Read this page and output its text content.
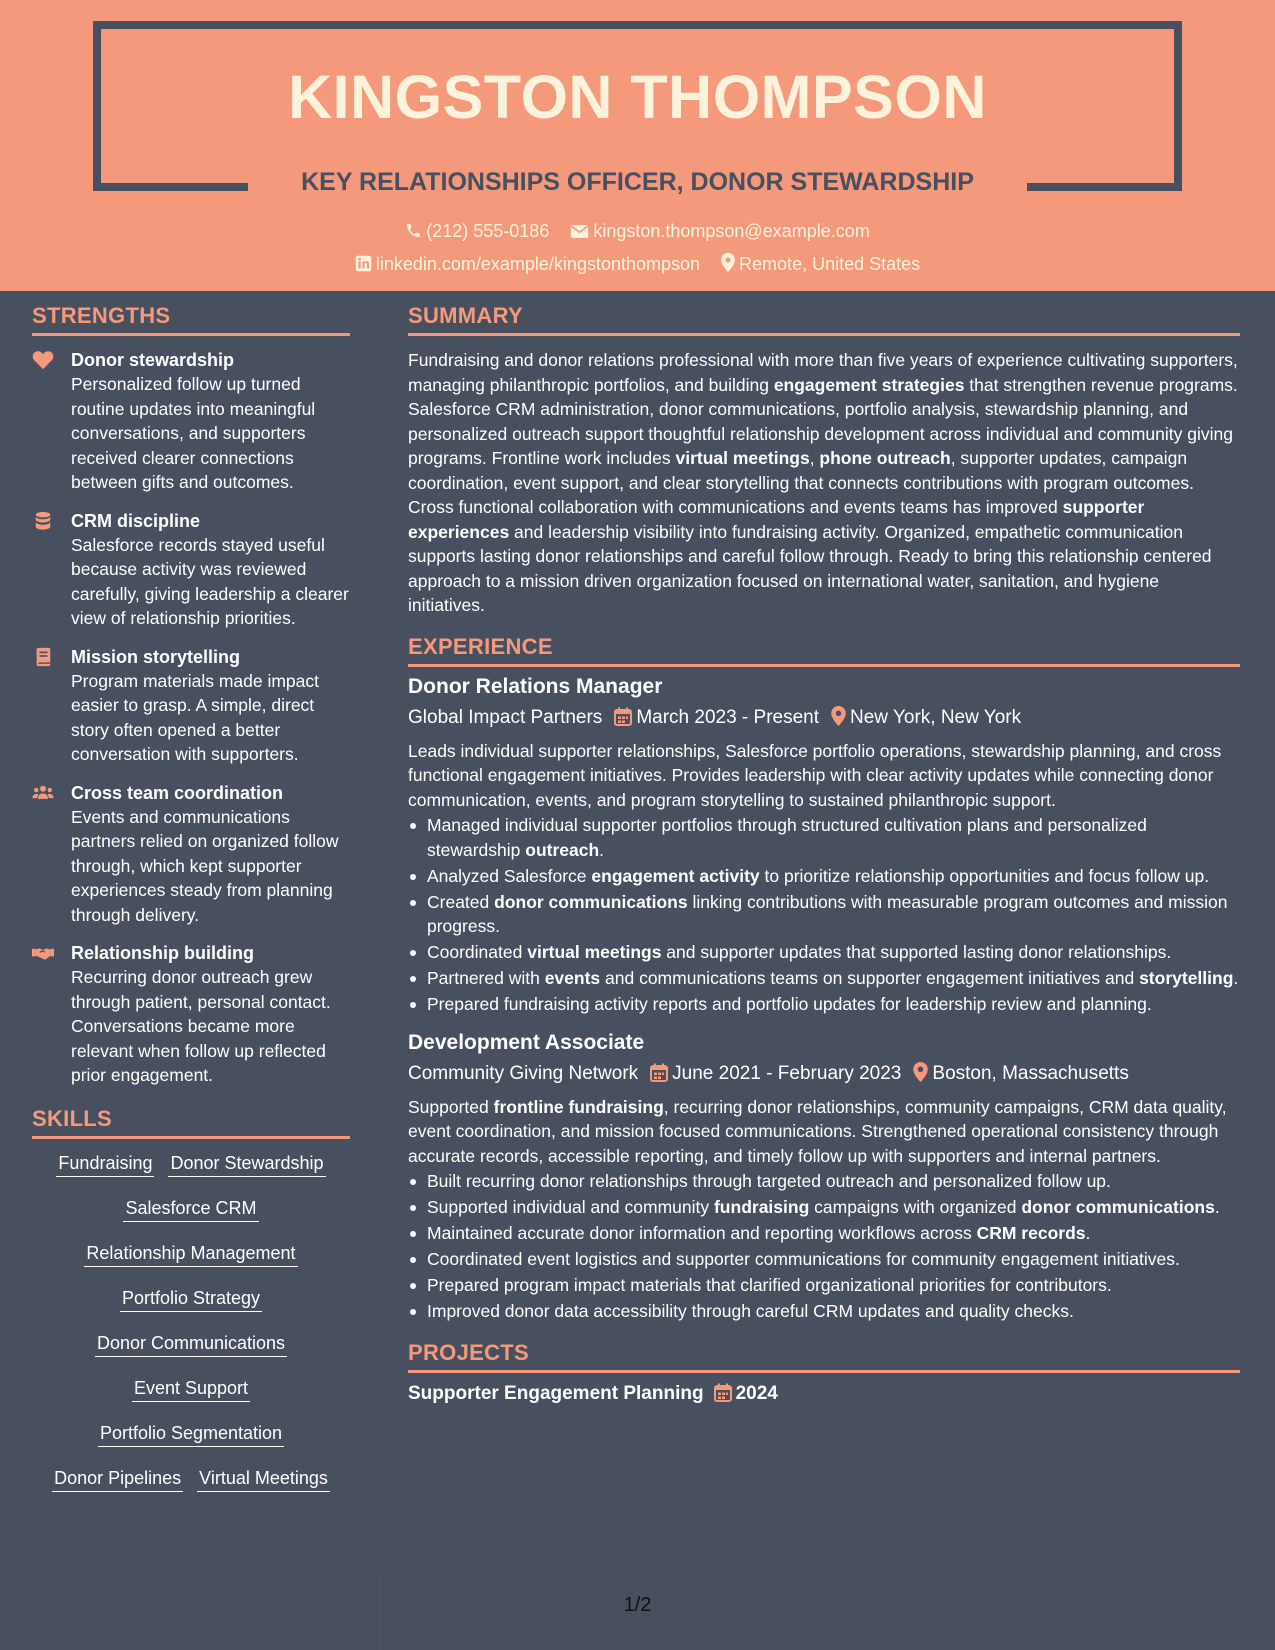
KINGSTON THOMPSON
KEY RELATIONSHIPS OFFICER, DONOR STEWARDSHIP
(212) 555-0186 kingston.thompson@example.com
linkedin.com/example/kingstonthompson Remote, United States
STRENGTHS
Donor stewardship
Personalized follow up turned routine updates into meaningful conversations, and supporters received clearer connections between gifts and outcomes.
CRM discipline
Salesforce records stayed useful because activity was reviewed carefully, giving leadership a clearer view of relationship priorities.
Mission storytelling
Program materials made impact easier to grasp. A simple, direct story often opened a better conversation with supporters.
Cross team coordination
Events and communications partners relied on organized follow through, which kept supporter experiences steady from planning through delivery.
Relationship building
Recurring donor outreach grew through patient, personal contact. Conversations became more relevant when follow up reflected prior engagement.
SKILLS
Fundraising Donor Stewardship
Salesforce CRM
Relationship Management
Portfolio Strategy
Donor Communications
Event Support
Portfolio Segmentation
Donor Pipelines Virtual Meetings
SUMMARY

Fundraising and donor relations professional with more than five years of experience cultivating supporters, managing philanthropic portfolios, and building engagement strategies that strengthen revenue programs. Salesforce CRM administration, donor communications, portfolio analysis, stewardship planning, and personalized outreach support thoughtful relationship development across individual and community giving programs. Frontline work includes virtual meetings, phone outreach, supporter updates, campaign coordination, event support, and clear storytelling that connects contributions with program outcomes. Cross functional collaboration with communications and events teams has improved supporter experiences and leadership visibility into fundraising activity. Organized, empathetic communication supports lasting donor relationships and careful follow through. Ready to bring this relationship centered approach to a mission driven organization focused on international water, sanitation, and hygiene initiatives.

EXPERIENCE
Donor Relations Manager
Global Impact Partners March 2023 - Present New York, New York

Leads individual supporter relationships, Salesforce portfolio operations, stewardship planning, and cross functional engagement initiatives. Provides leadership with clear activity updates while connecting donor communication, events, and program storytelling to sustained philanthropic support.

Managed individual supporter portfolios through structured cultivation plans and personalized stewardship outreach.
Analyzed Salesforce engagement activity to prioritize relationship opportunities and focus follow up.
Created donor communications linking contributions with measurable program outcomes and mission progress.
Coordinated virtual meetings and supporter updates that supported lasting donor relationships.
Partnered with events and communications teams on supporter engagement initiatives and storytelling.
Prepared fundraising activity reports and portfolio updates for leadership review and planning.
Development Associate
Community Giving Network June 2021 - February 2023 Boston, Massachusetts

Supported frontline fundraising, recurring donor relationships, community campaigns, CRM data quality, event coordination, and mission focused communications. Strengthened operational consistency through accurate records, accessible reporting, and timely follow up with supporters and internal partners.

Built recurring donor relationships through targeted outreach and personalized follow up.
Supported individual and community fundraising campaigns with organized donor communications.
Maintained accurate donor information and reporting workflows across CRM records.
Coordinated event logistics and supporter communications for community engagement initiatives.
Prepared program impact materials that clarified organizational priorities for contributors.
Improved donor data accessibility through careful CRM updates and quality checks.
PROJECTS
Supporter Engagement Planning 2024
1/2
